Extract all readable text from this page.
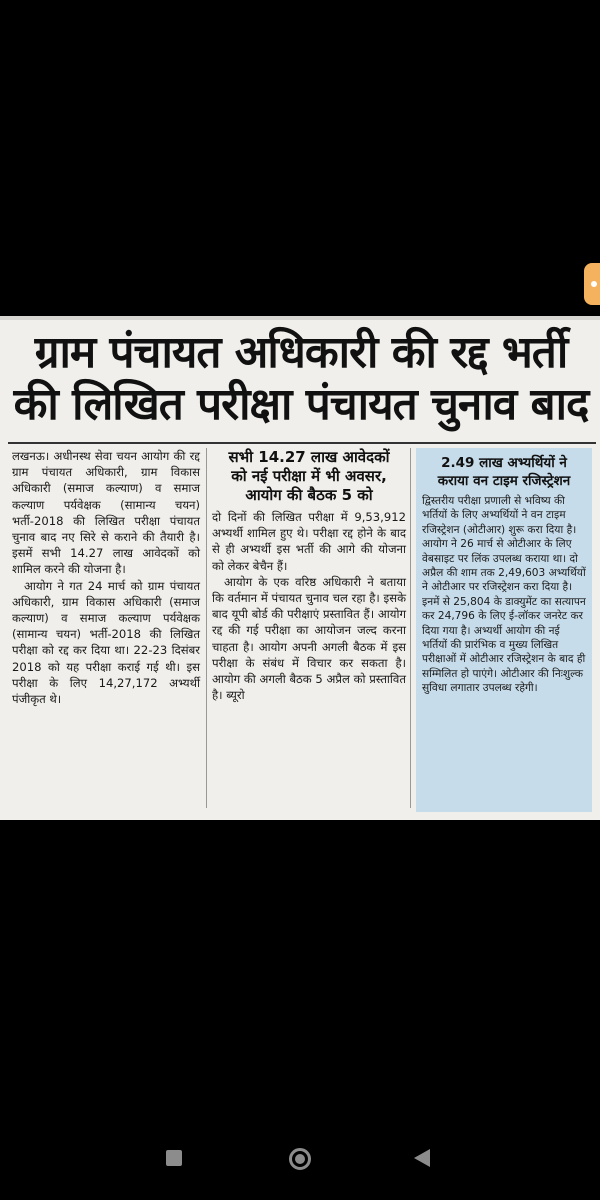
ग्राम पंचायत अधिकारी की रद्द भर्ती
की लिखित परीक्षा पंचायत चुनाव बाद

लखनऊ। अधीनस्थ सेवा चयन आयोग की रद्द ग्राम पंचायत अधिकारी, ग्राम विकास अधिकारी (समाज कल्याण) व समाज कल्याण पर्यवेक्षक (सामान्य चयन) भर्ती-2018 की लिखित परीक्षा पंचायत चुनाव बाद नए सिरे से कराने की तैयारी है। इसमें सभी 14.27 लाख आवेदकों को शामिल करने की योजना है।

आयोग ने गत 24 मार्च को ग्राम पंचायत अधिकारी, ग्राम विकास अधिकारी (समाज कल्याण) व समाज कल्याण पर्यवेक्षक (सामान्य चयन) भर्ती-2018 की लिखित परीक्षा को रद्द कर दिया था। 22-23 दिसंबर 2018 को यह परीक्षा कराई गई थी। इस परीक्षा के लिए 14,27,172 अभ्यर्थी पंजीकृत थे।

सभी 14.27 लाख आवेदकों
को नई परीक्षा में भी अवसर,
आयोग की बैठक 5 को

दो दिनों की लिखित परीक्षा में 9,53,912 अभ्यर्थी शामिल हुए थे। परीक्षा रद्द होने के बाद से ही अभ्यर्थी इस भर्ती की आगे की योजना को लेकर बेचैन हैं।

आयोग के एक वरिष्ठ अधिकारी ने बताया कि वर्तमान में पंचायत चुनाव चल रहा है। इसके बाद यूपी बोर्ड की परीक्षाएं प्रस्तावित हैं। आयोग रद्द की गई परीक्षा का आयोजन जल्द करना चाहता है। आयोग अपनी अगली बैठक में इस परीक्षा के संबंध में विचार कर सकता है। आयोग की अगली बैठक 5 अप्रैल को प्रस्तावित है। ब्यूरो

2.49 लाख अभ्यर्थियों ने
कराया वन टाइम रजिस्ट्रेशन
द्विस्तरीय परीक्षा प्रणाली से भविष्य की भर्तियों के लिए अभ्यर्थियों ने वन टाइम रजिस्ट्रेशन (ओटीआर) शुरू करा दिया है। आयोग ने 26 मार्च से ओटीआर के लिए वेबसाइट पर लिंक उपलब्ध कराया था। दो अप्रैल की शाम तक 2,49,603 अभ्यर्थियों ने ओटीआर पर रजिस्ट्रेशन करा दिया है। इनमें से 25,804 के डाक्युमेंट का सत्यापन कर 24,796 के लिए ई-लॉकर जनरेट कर दिया गया है। अभ्यर्थी आयोग की नई भर्तियों की प्रारंभिक व मुख्य लिखित परीक्षाओं में ओटीआर रजिस्ट्रेशन के बाद ही सम्मिलित हो पाएंगे। ओटीआर की निःशुल्क सुविधा लगातार उपलब्ध रहेगी।
